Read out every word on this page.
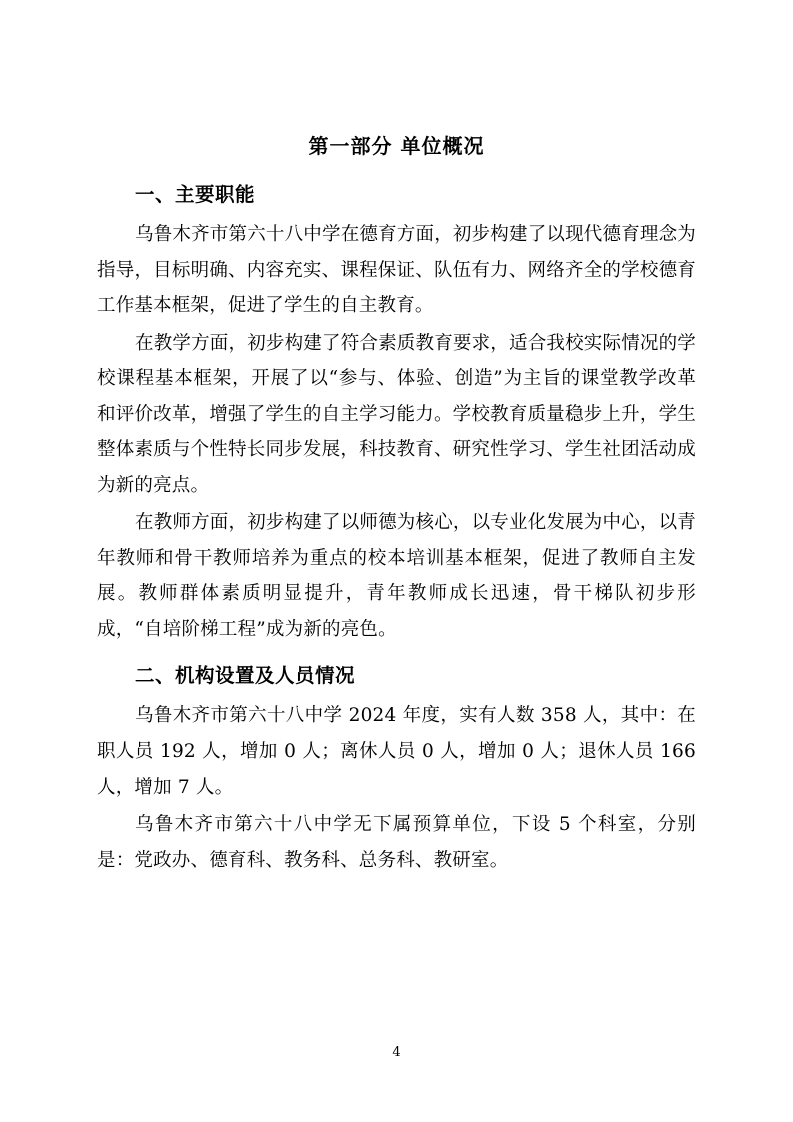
第一部分 单位概况
一、主要职能

乌鲁木齐市第六十八中学在德育方面，初步构建了以现代德育理念为指导，目标明确、内容充实、课程保证、队伍有力、网络齐全的学校德育工作基本框架，促进了学生的自主教育。

在教学方面，初步构建了符合素质教育要求，适合我校实际情况的学校课程基本框架，开展了以“参与、体验、创造”为主旨的课堂教学改革和评价改革，增强了学生的自主学习能力。学校教育质量稳步上升，学生整体素质与个性特长同步发展，科技教育、研究性学习、学生社团活动成为新的亮点。

在教师方面，初步构建了以师德为核心，以专业化发展为中心，以青年教师和骨干教师培养为重点的校本培训基本框架，促进了教师自主发展。教师群体素质明显提升，青年教师成长迅速，骨干梯队初步形成，“自培阶梯工程”成为新的亮色。

二、机构设置及人员情况

乌鲁木齐市第六十八中学 2024 年度，实有人数 358 人，其中：在职人员 192 人，增加 0 人；离休人员 0 人，增加 0 人；退休人员 166 人，增加 7 人。

乌鲁木齐市第六十八中学无下属预算单位，下设 5 个科室，分别是：党政办、德育科、教务科、总务科、教研室。

4
